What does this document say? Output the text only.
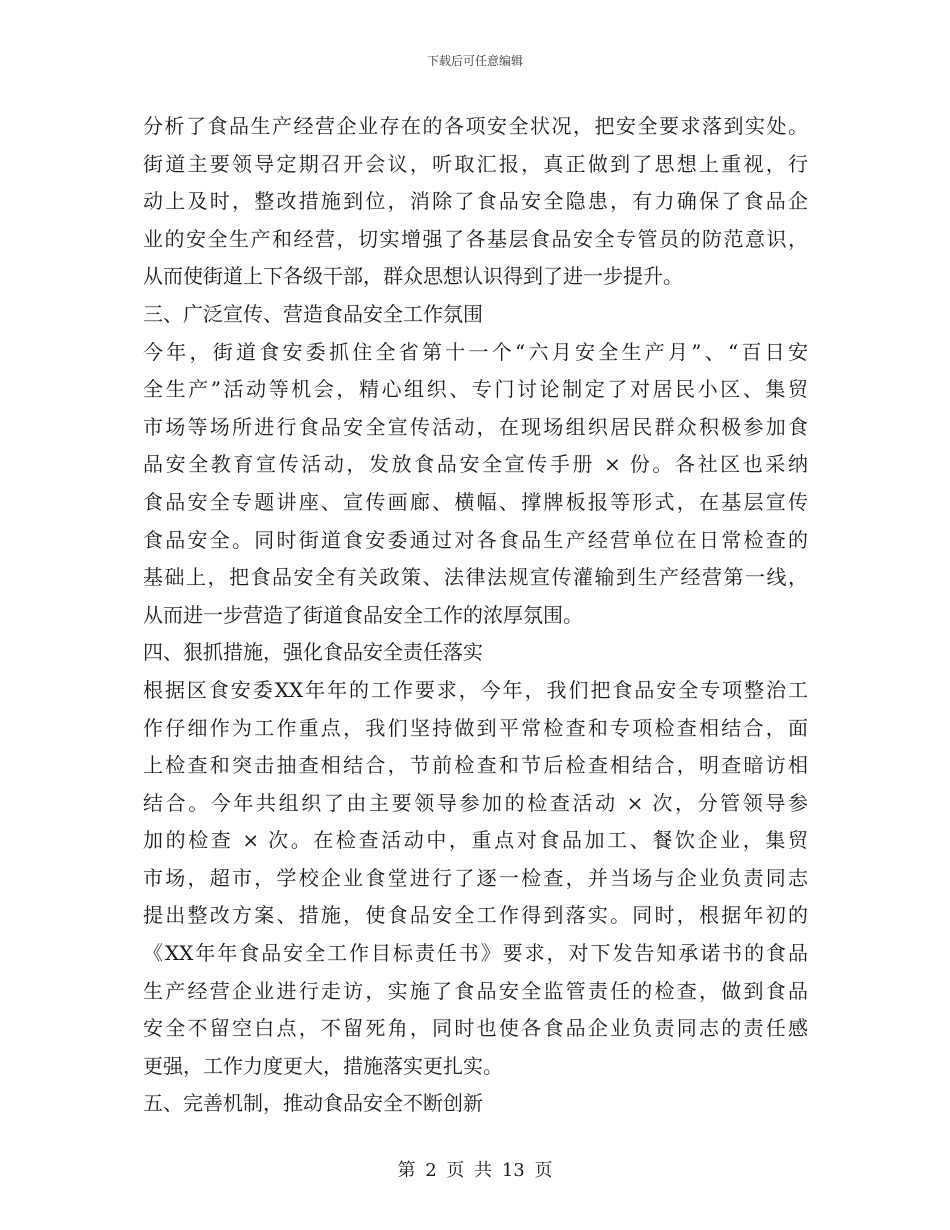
下载后可任意编辑
分析了食品生产经营企业存在的各项安全状况，把安全要求落到实处。
街道主要领导定期召开会议，听取汇报，真正做到了思想上重视，行
动上及时，整改措施到位，消除了食品安全隐患，有力确保了食品企
业的安全生产和经营，切实增强了各基层食品安全专管员的防范意识，
从而使街道上下各级干部，群众思想认识得到了进一步提升。
三、广泛宣传、营造食品安全工作氛围
今年，街道食安委抓住全省第十一个“六月安全生产月”、“百日安
全生产”活动等机会，精心组织、专门讨论制定了对居民小区、集贸
市场等场所进行食品安全宣传活动，在现场组织居民群众积极参加食
品安全教育宣传活动，发放食品安全宣传手册 × 份。各社区也采纳
食品安全专题讲座、宣传画廊、横幅、撑牌板报等形式，在基层宣传
食品安全。同时街道食安委通过对各食品生产经营单位在日常检查的
基础上，把食品安全有关政策、法律法规宣传灌输到生产经营第一线，
从而进一步营造了街道食品安全工作的浓厚氛围。
四、狠抓措施，强化食品安全责任落实
根据区食安委XX年年的工作要求，今年，我们把食品安全专项整治工
作仔细作为工作重点，我们坚持做到平常检查和专项检查相结合，面
上检查和突击抽查相结合，节前检查和节后检查相结合，明查暗访相
结合。今年共组织了由主要领导参加的检查活动 × 次，分管领导参
加的检查 × 次。在检查活动中，重点对食品加工、餐饮企业，集贸
市场，超市，学校企业食堂进行了逐一检查，并当场与企业负责同志
提出整改方案、措施，使食品安全工作得到落实。同时，根据年初的
《XX年年食品安全工作目标责任书》要求，对下发告知承诺书的食品
生产经营企业进行走访，实施了食品安全监管责任的检查，做到食品
安全不留空白点，不留死角，同时也使各食品企业负责同志的责任感
更强，工作力度更大，措施落实更扎实。
五、完善机制，推动食品安全不断创新
第 2 页 共 13 页
